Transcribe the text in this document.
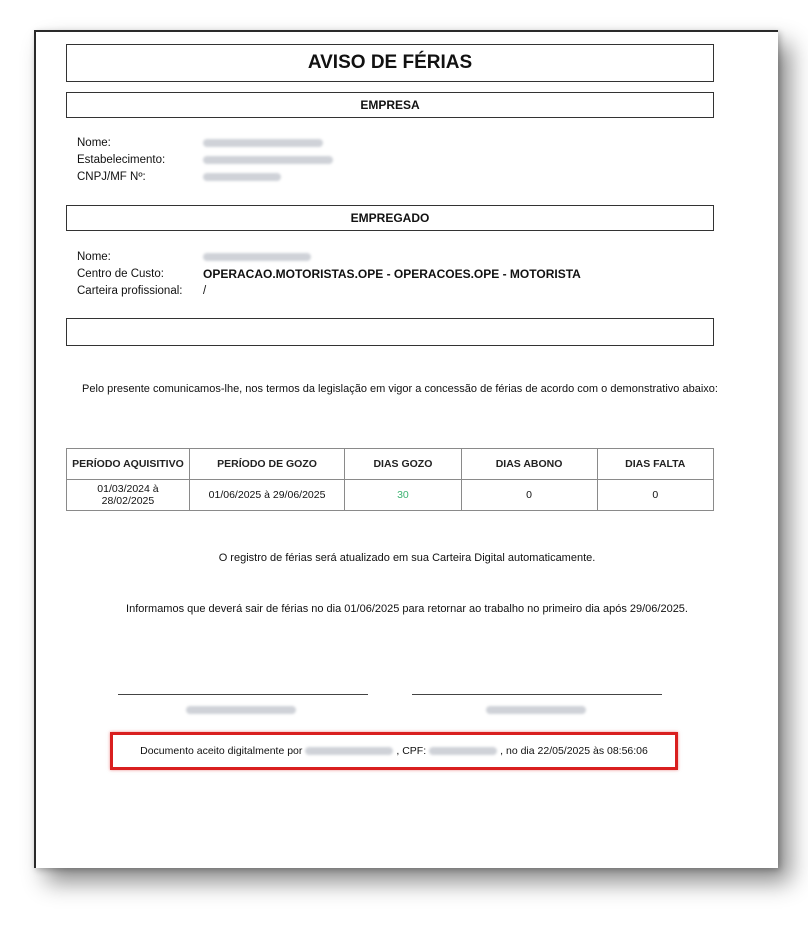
AVISO DE FÉRIAS
EMPRESA
Nome:
Estabelecimento:
CNPJ/MF Nº:
EMPREGADO
Nome:
Centro de Custo:	OPERACAO.MOTORISTAS.OPE - OPERACOES.OPE - MOTORISTA
Carteira profissional:	/
Pelo presente comunicamos-lhe, nos termos da legislação em vigor a concessão de férias de acordo com o demonstrativo abaixo:
PERÍODO AQUISITIVO	PERÍODO DE GOZO	DIAS GOZO	DIAS ABONO	DIAS FALTA
01/03/2024 à 28/02/2025	01/06/2025 à 29/06/2025	30	0	0
O registro de férias será atualizado em sua Carteira Digital automaticamente.
Informamos que deverá sair de férias no dia 01/06/2025 para retornar ao trabalho no primeiro dia após 29/06/2025.
Documento aceito digitalmente por	, CPF:	, no dia 22/05/2025 às 08:56:06
